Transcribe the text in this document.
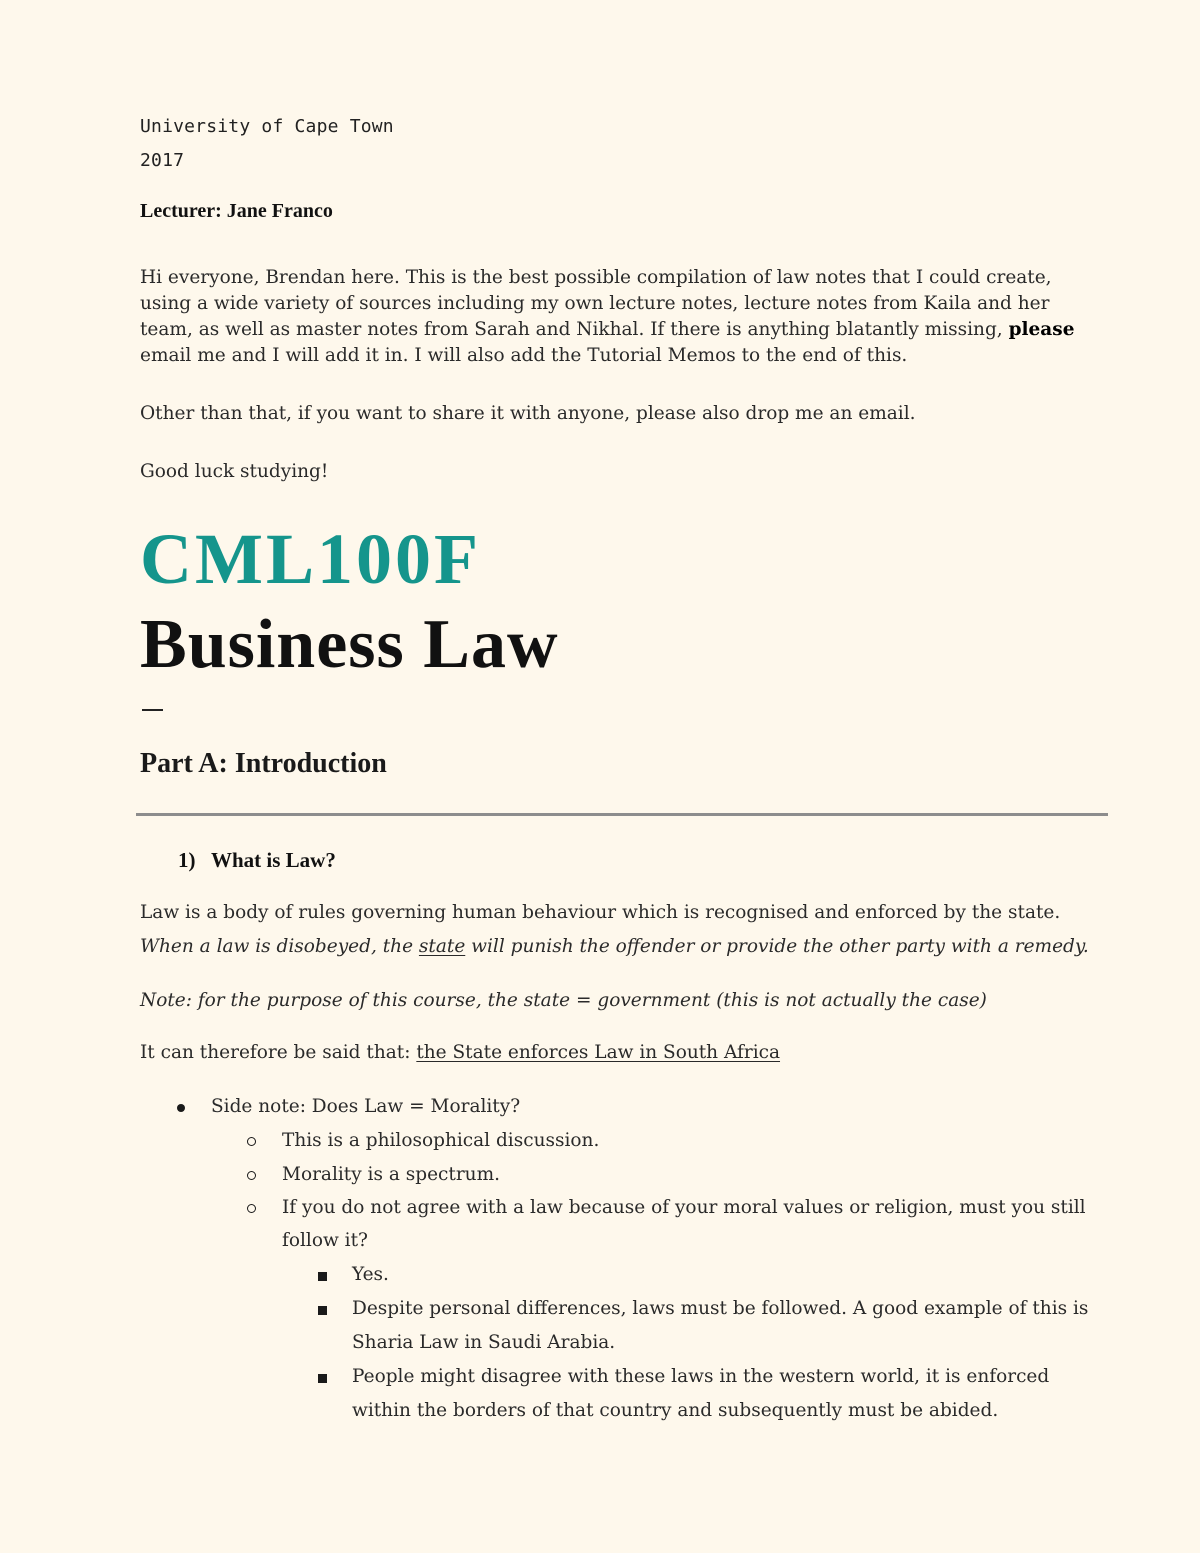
University of Cape Town

2017

Lecturer: Jane Franco

Hi everyone, Brendan here. This is the best possible compilation of law notes that I could create, using a wide variety of sources including my own lecture notes, lecture notes from Kaila and her team, as well as master notes from Sarah and Nikhal. If there is anything blatantly missing, please email me and I will add it in. I will also add the Tutorial Memos to the end of this.

Other than that, if you want to share it with anyone, please also drop me an email.

Good luck studying!

CML100F

Business Law

Part A: Introduction

1) What is Law?

Law is a body of rules governing human behaviour which is recognised and enforced by the state.

When a law is disobeyed, the state will punish the offender or provide the other party with a remedy.

Note: for the purpose of this course, the state = government (this is not actually the case)

It can therefore be said that: the State enforces Law in South Africa

Side note: Does Law = Morality?

This is a philosophical discussion.

Morality is a spectrum.

If you do not agree with a law because of your moral values or religion, must you still

follow it?

Yes.

Despite personal differences, laws must be followed. A good example of this is

Sharia Law in Saudi Arabia.

People might disagree with these laws in the western world, it is enforced

within the borders of that country and subsequently must be abided.
